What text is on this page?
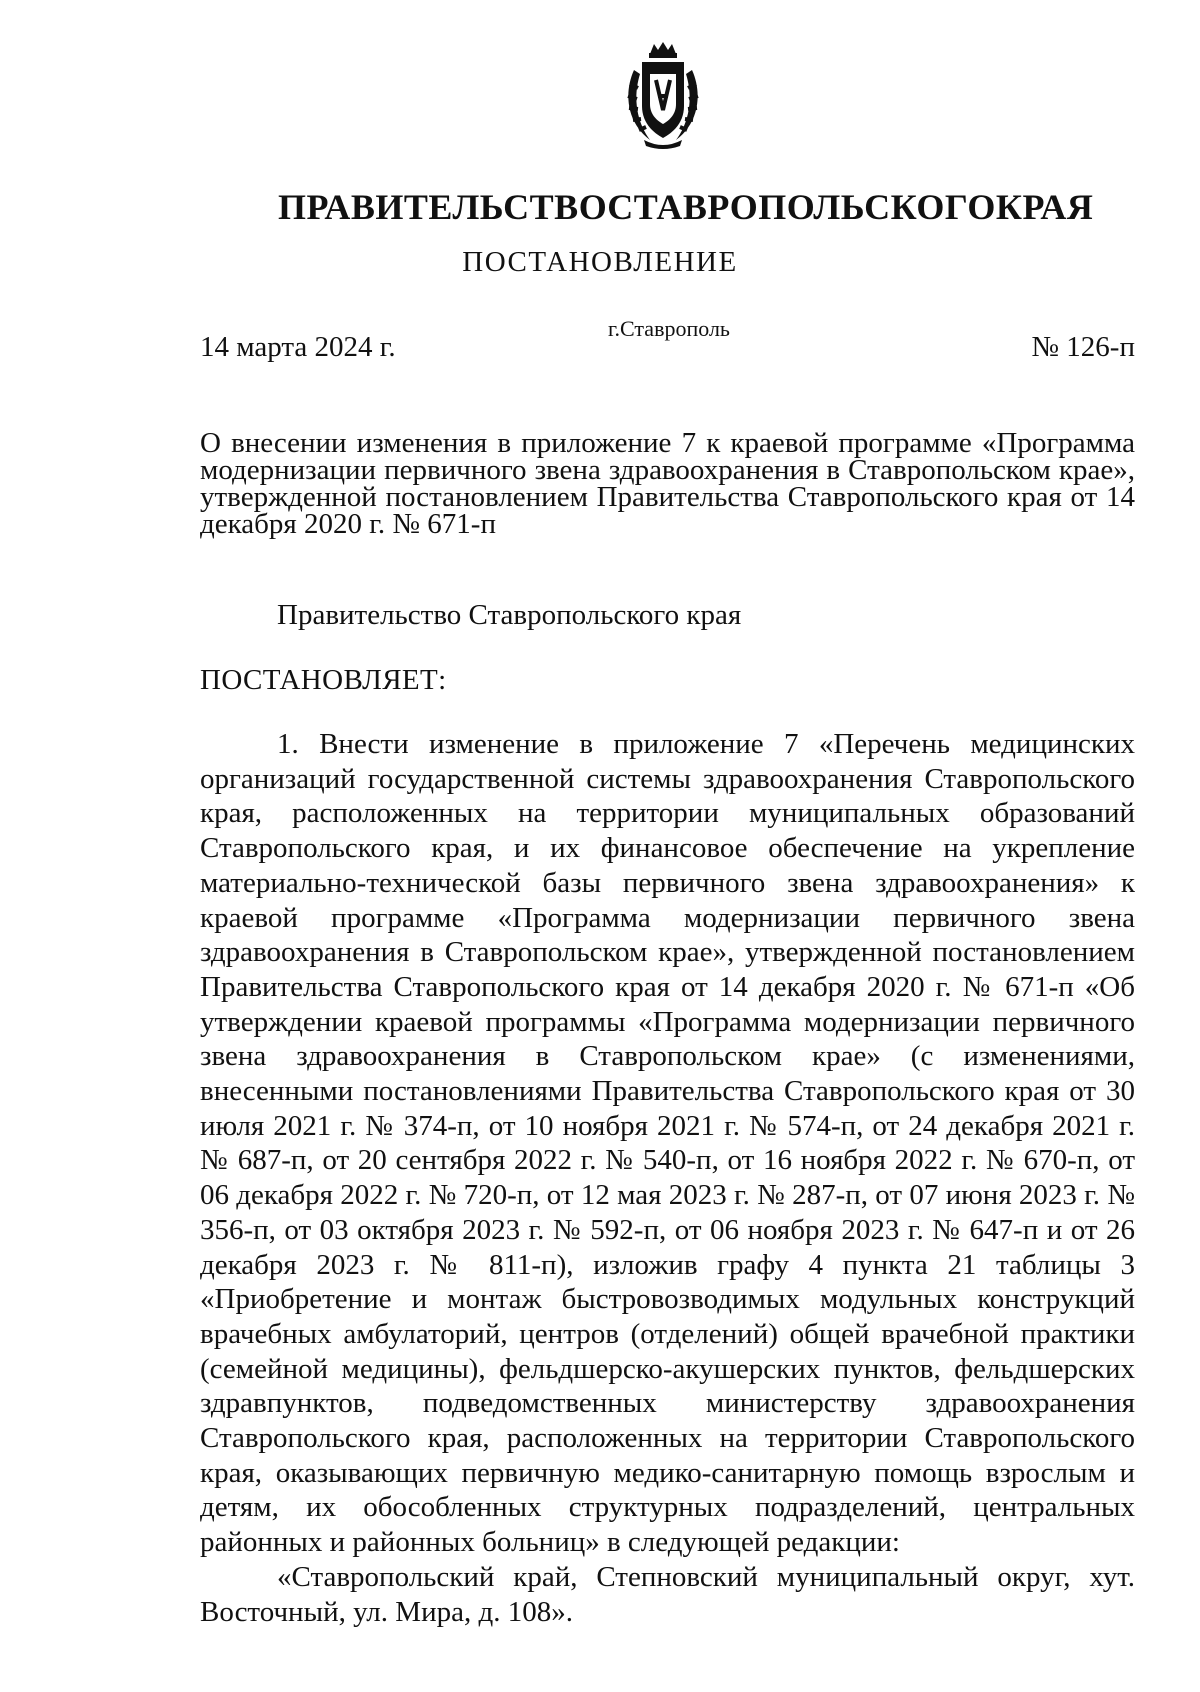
ПРАВИТЕЛЬСТВО СТАВРОПОЛЬСКОГО КРАЯ
ПОСТАНОВЛЕНИЕ
14 марта 2024 г.
г.Ставрополь
№ 126-п
О внесении изменения в приложение 7 к краевой программе «Программа модернизации первичного звена здравоохранения в Ставропольском крае», утвержденной постановлением Правительства Ставропольского края от 14 декабря 2020 г. № 671-п
Правительство Ставропольского края
ПОСТАНОВЛЯЕТ:

1. Внести изменение в приложение 7 «Перечень медицинских организаций государственной системы здравоохранения Ставропольского края, расположенных на территории муниципальных образований Ставропольского края, и их финансовое обеспечение на укрепление материально-технической базы первичного звена здравоохранения» к краевой программе «Программа модернизации первичного звена здравоохранения в Ставропольском крае», утвержденной постановлением Правительства Ставропольского края от 14 декабря 2020 г. № 671-п «Об утверждении краевой программы «Программа модернизации первичного звена здравоохранения в Ставропольском крае» (с изменениями, внесенными постановлениями Правительства Ставропольского края от 30 июля 2021 г. № 374-п, от 10 ноября 2021 г. № 574-п, от 24 декабря 2021 г. № 687-п, от 20 сентября 2022 г. № 540-п, от 16 ноября 2022 г. № 670-п, от 06 декабря 2022 г. № 720-п, от 12 мая 2023 г. № 287-п, от 07 июня 2023 г. № 356-п, от 03 октября 2023 г. № 592-п, от 06 ноября 2023 г. № 647-п и от 26 декабря 2023 г. № 811-п), изложив графу 4 пункта 21 таблицы 3 «Приобретение и монтаж быстровозводимых модульных конструкций врачебных амбулаторий, центров (отделений) общей врачебной практики (семейной медицины), фельдшерско-акушерских пунктов, фельдшерских здравпунктов, подведомственных министерству здравоохранения Ставропольского края, расположенных на территории Ставропольского края, оказывающих первичную медико-санитарную помощь взрослым и детям, их обособленных структурных подразделений, центральных районных и районных больниц» в следующей редакции:

«Ставропольский край, Степновский муниципальный округ, хут. Восточный, ул. Мира, д. 108».
